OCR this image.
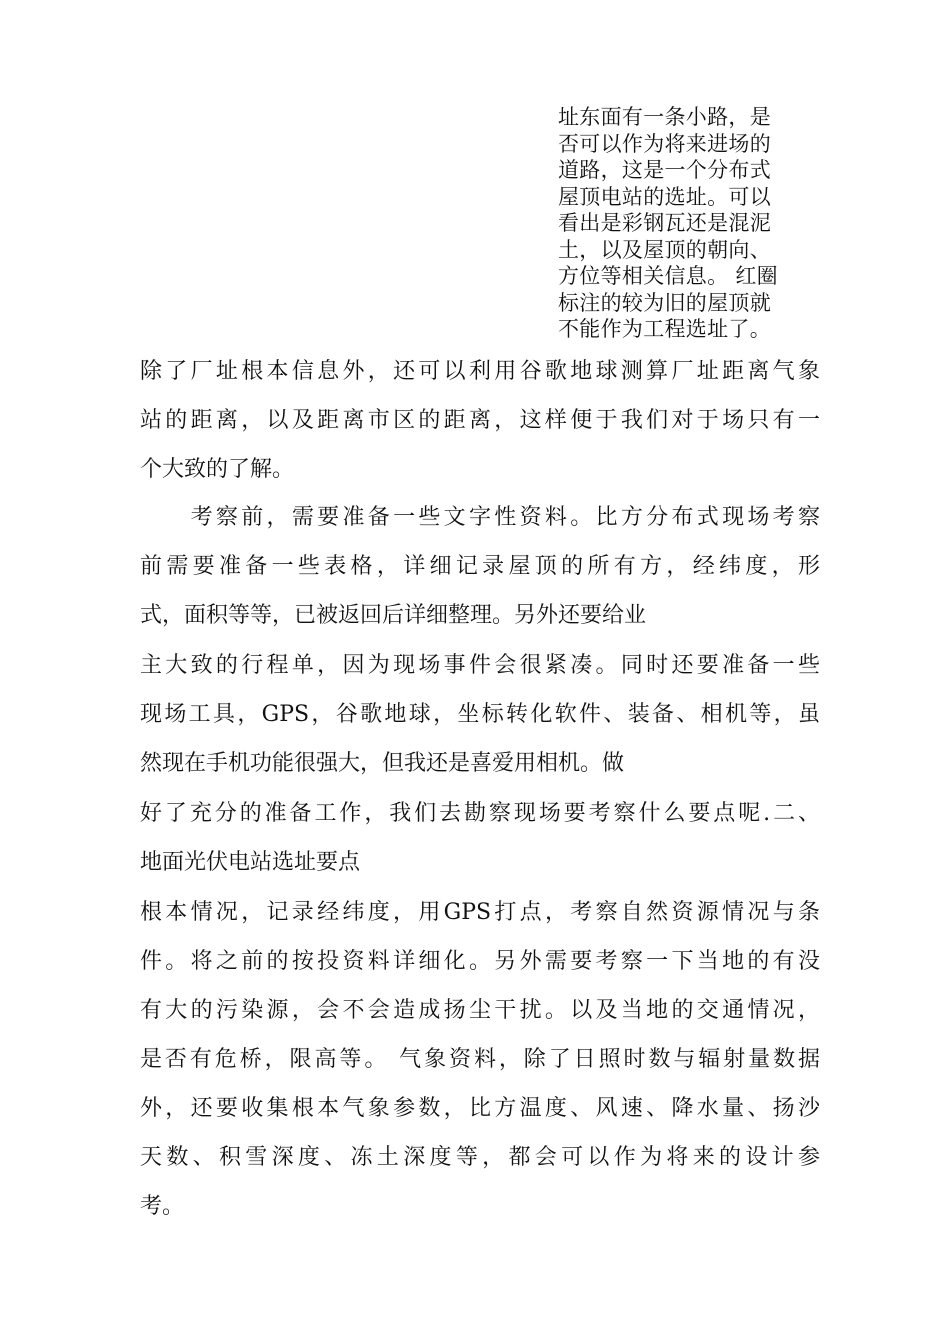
址东面有一条小路，是
否可以作为将来进场的
道路，这是一个分布式
屋顶电站的选址。可以
看出是彩钢瓦还是混泥
土，以及屋顶的朝向、
方位等相关信息。 红圈
标注的较为旧的屋顶就
不能作为工程选址了。
除了厂址根本信息外，还可以利用谷歌地球测算厂址距离气象
站的距离，以及距离市区的距离，这样便于我们对于场只有一
个大致的了解。
　　考察前，需要准备一些文字性资料。比方分布式现场考察
前需要准备一些表格，详细记录屋顶的所有方，经纬度，形
式，面积等等，已被返回后详细整理。另外还要给业
主大致的行程单，因为现场事件会很紧凑。同时还要准备一些
现场工具，GPS，谷歌地球，坐标转化软件、装备、相机等，虽
然现在手机功能很强大，但我还是喜爱用相机。做
好了充分的准备工作，我们去勘察现场要考察什么要点呢.二、
地面光伏电站选址要点
根本情况，记录经纬度，用GPS打点，考察自然资源情况与条
件。将之前的按投资料详细化。另外需要考察一下当地的有没
有大的污染源，会不会造成扬尘干扰。以及当地的交通情况，
是否有危桥，限高等。 气象资料，除了日照时数与辐射量数据
外，还要收集根本气象参数，比方温度、风速、降水量、扬沙
天数、积雪深度、冻土深度等，都会可以作为将来的设计参
考。
